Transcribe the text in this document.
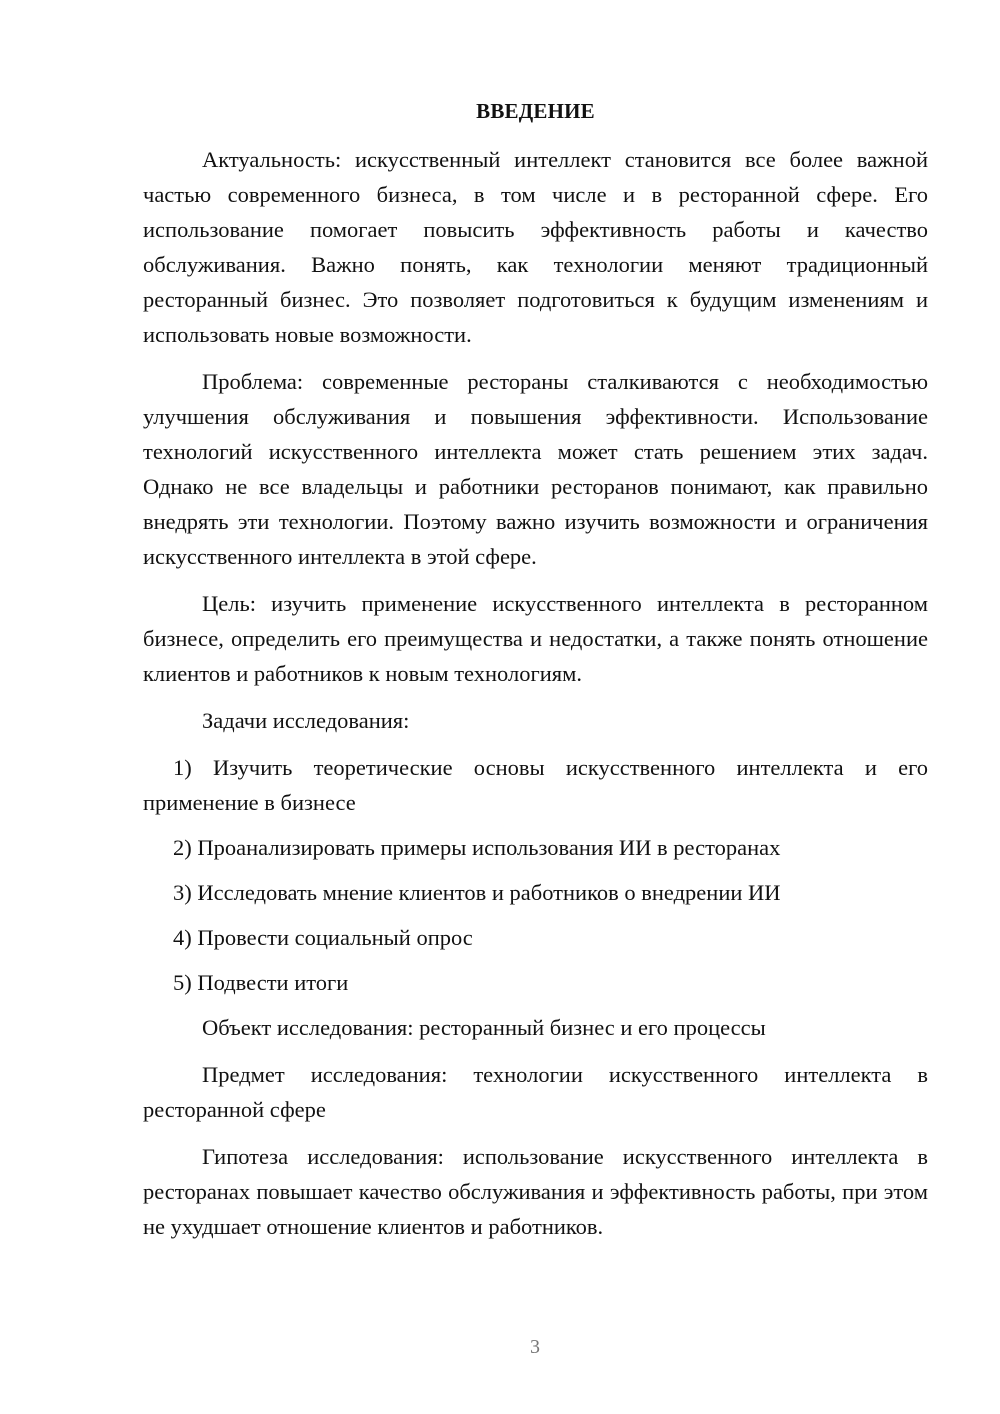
ВВЕДЕНИЕ

Актуальность: искусственный интеллект становится все более важной частью современного бизнеса, в том числе и в ресторанной сфере. Его использование помогает повысить эффективность работы и качество обслуживания. Важно понять, как технологии меняют традиционный ресторанный бизнес. Это позволяет подготовиться к будущим изменениям и использовать новые возможности.

Проблема: современные рестораны сталкиваются с необходимостью улучшения обслуживания и повышения эффективности. Использование технологий искусственного интеллекта может стать решением этих задач. Однако не все владельцы и работники ресторанов понимают, как правильно внедрять эти технологии. Поэтому важно изучить возможности и ограничения искусственного интеллекта в этой сфере.

Цель: изучить применение искусственного интеллекта в ресторанном бизнесе, определить его преимущества и недостатки, а также понять отношение клиентов и работников к новым технологиям.

Задачи исследования:

1) Изучить теоретические основы искусственного интеллекта и его применение в бизнесе

2) Проанализировать примеры использования ИИ в ресторанах

3) Исследовать мнение клиентов и работников о внедрении ИИ

4) Провести социальный опрос

5) Подвести итоги

Объект исследования: ресторанный бизнес и его процессы

Предмет исследования: технологии искусственного интеллекта в ресторанной сфере

Гипотеза исследования: использование искусственного интеллекта в ресторанах повышает качество обслуживания и эффективность работы, при этом не ухудшает отношение клиентов и работников.

3
